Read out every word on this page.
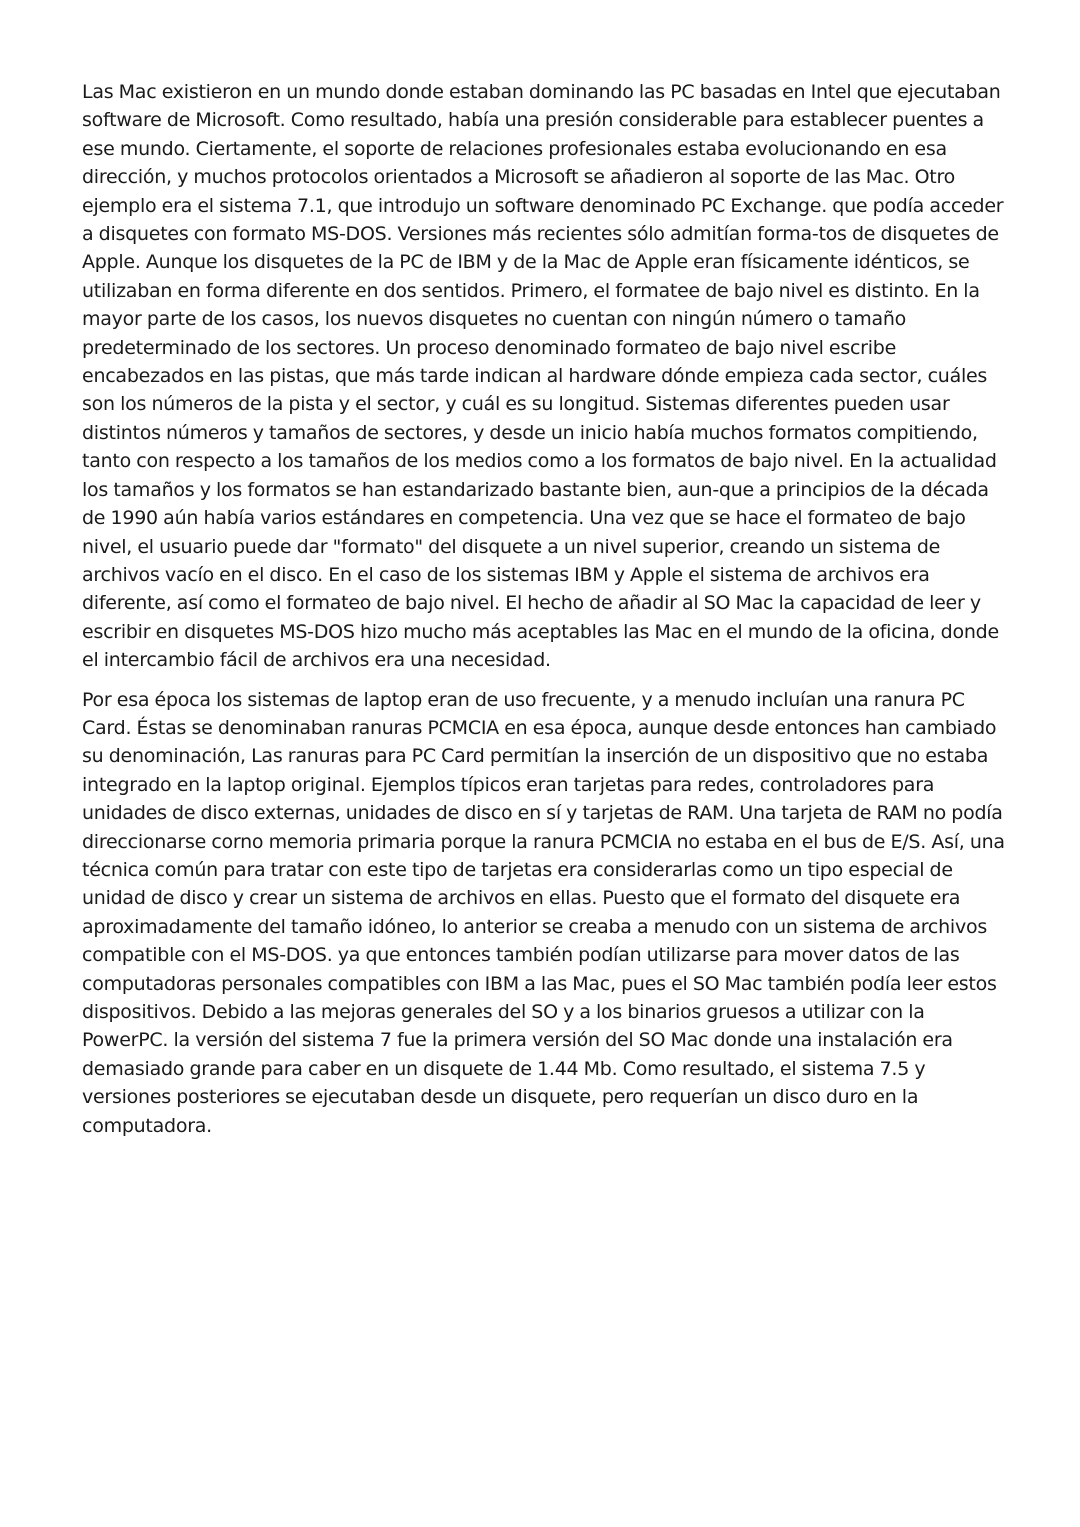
Las Mac existieron en un mundo donde estaban dominando las PC basadas en Intel que ejecutaban software de Microsoft. Como resultado, había una presión considerable para establecer puentes a ese mundo. Ciertamente, el soporte de relaciones profesionales estaba evolucionando en esa dirección, y muchos protocolos orientados a Microsoft se añadieron al soporte de las Mac. Otro ejemplo era el sistema 7.1, que introdujo un software denominado PC Exchange. que podía acceder a disquetes con formato MS-DOS. Versiones más recientes sólo admitían forma-tos de disquetes de Apple. Aunque los disquetes de la PC de IBM y de la Mac de Apple eran físicamente idénticos, se utilizaban en forma diferente en dos sentidos. Primero, el formatee de bajo nivel es distinto. En la mayor parte de los casos, los nuevos disquetes no cuentan con ningún número o tamaño predeterminado de los sectores. Un proceso denominado formateo de bajo nivel escribe encabezados en las pistas, que más tarde indican al hardware dónde empieza cada sector, cuáles son los números de la pista y el sector, y cuál es su longitud. Sistemas diferentes pueden usar distintos números y tamaños de sectores, y desde un inicio había muchos formatos compitiendo, tanto con respecto a los tamaños de los medios como a los formatos de bajo nivel. En la actualidad los tamaños y los formatos se han estandarizado bastante bien, aun-que a principios de la década de 1990 aún había varios estándares en competencia. Una vez que se hace el formateo de bajo nivel, el usuario puede dar "formato" del disquete a un nivel superior, creando un sistema de archivos vacío en el disco. En el caso de los sistemas IBM y Apple el sistema de archivos era diferente, así como el formateo de bajo nivel. El hecho de añadir al SO Mac la capacidad de leer y escribir en disquetes MS-DOS hizo mucho más aceptables las Mac en el mundo de la oficina, donde el intercambio fácil de archivos era una necesidad.

Por esa época los sistemas de laptop eran de uso frecuente, y a menudo incluían una ranura PC Card. Éstas se denominaban ranuras PCMCIA en esa época, aunque desde entonces han cambiado su denominación, Las ranuras para PC Card permitían la inserción de un dispositivo que no estaba integrado en la laptop original. Ejemplos típicos eran tarjetas para redes, controladores para unidades de disco externas, unidades de disco en sí y tarjetas de RAM. Una tarjeta de RAM no podía direccionarse corno memoria primaria porque la ranura PCMCIA no estaba en el bus de E/S. Así, una técnica común para tratar con este tipo de tarjetas era considerarlas como un tipo especial de unidad de disco y crear un sistema de archivos en ellas. Puesto que el formato del disquete era aproximadamente del tamaño idóneo, lo anterior se creaba a menudo con un sistema de archivos compatible con el MS-DOS. ya que entonces también podían utilizarse para mover datos de las computadoras personales compatibles con IBM a las Mac, pues el SO Mac también podía leer estos dispositivos. Debido a las mejoras generales del SO y a los binarios gruesos a utilizar con la PowerPC. la versión del sistema 7 fue la primera versión del SO Mac donde una instalación era demasiado grande para caber en un disquete de 1.44 Mb. Como resultado, el sistema 7.5 y versiones posteriores se ejecutaban desde un disquete, pero requerían un disco duro en la computadora.
